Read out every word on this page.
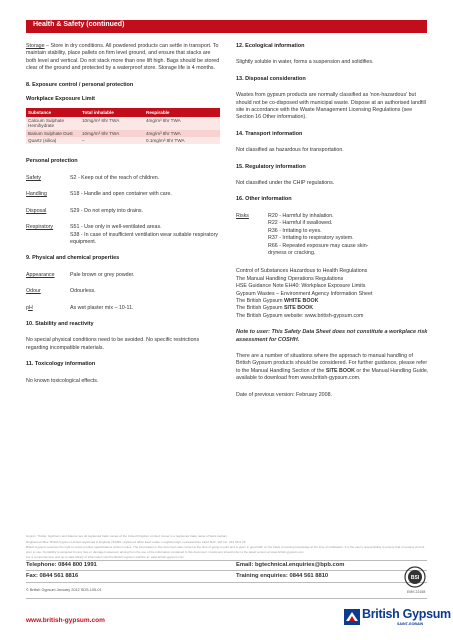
Health & Safety (continued)

Storage – Store in dry conditions. All powdered products can settle in transport. To maintain stability, place pallets on firm level ground, and ensure that stacks are both level and vertical. Do not stack more than one lift high. Bags should be stored clear of the ground and protected by a waterproof store. Storage life is 4 months.

8. Exposure control / personal protection

Workplace Exposure Limit

Substance	Total inhalable	Respirable
Calcium Sulphate Hemihydrate	10mg/m³ 8hr TWA	4mg/m³ 8hr TWA
Barium Sulphate Dust	10mg/m³ 8hr TWA	4mg/m³ 8hr TWA
Quartz (silica)	–	0.1mg/m³ 8hr TWA

Personal protection

Safety	S2 - Keep out of the reach of children.
Handling	S18 - Handle and open container with care.
Disposal	S29 - Do not empty into drains.
Respiratory	S51 - Use only in well-ventilated areas.
S38 - In case of insufficient ventilation wear suitable respiratory equipment.

9. Physical and chemical properties

Appearance	Pale brown or grey powder.
Odour	Odourless.
pH	As wet plaster mix – 10-11.

10. Stability and reactivity

No special physical conditions need to be avoided. No specific restrictions regarding incompatible materials.

11. Toxicology information

No known toxicological effects.

12. Ecological information

Slightly soluble in water, forms a suspension and solidifies.

13. Disposal consideration

Wastes from gypsum products are normally classified as 'non-hazardous' but should not be co-disposed with municipal waste. Dispose at an authorised landfill site in accordance with the Waste Management Licensing Regulations (see Section 16 Other information).

14. Transport information

Not classified as hazardous for transportation.

15. Regulatory information

Not classified under the CHIP regulations.

16. Other information

Risks	R20 - Harmful by inhalation.
R22 - Harmful if swallowed.
R36 - Irritating to eyes.
R37 - Irritating to respiratory system.
R66 - Repeated exposure may cause skin-
dryness or cracking.

Control of Substances Hazardous to Health Regulations

The Manual Handling Operations Regulations

HSE Guidance Note EH40: Workplace Exposure Limits

Gypsum Wastes – Environment Agency Information Sheet

The British Gypsum WHITE BOOK

The British Gypsum SITE BOOK

The British Gypsum website: www.british-gypsum.com

Note to user: This Safety Data Sheet does not constitute a workplace risk assessment for COSHH.

There are a number of situations where the approach to manual handling of British Gypsum products should be considered. For further guidance, please refer to the Manual Handling Section of the SITE BOOK or the Manual Handling Guide, available to download from www.british-gypsum.com.

Date of previous version: February 2008.

Gyproc, Thistle, Gyptherm and Glasroc are all registered trade names of the United Kingdom Limited. Isover is a registered trade name of Saint-Gobain.

Registered office: British Gypsum Limited registered in England 734396, registered office East Leake, Loughborough, Leicestershire LE12 6HX. VAT No. 243 3311 29.

British Gypsum reserves the right to revise product specifications without notice. The information in this document was correct at the time of going to print and is given in good faith on the basis of existing knowledge at the time of publication. It is the user's responsibility to ensure that it remains current prior to use. No liability is accepted for any loss or damage howsoever arising from the use of the information contained in this document. Customers should refer to the latest version at www.british-gypsum.com.

For a comprehensive and up-to-date library of information visit the British Gypsum website at: www.british-gypsum.com

Telephone: 0844 800 1991	Email: bgtechnical.enquiries@bpb.com
Fax: 0844 561 8816	Training enquiries: 0844 561 8810
© British Gypsum January 2012 SDS-105-01
BSI
EMS 22158
www.british-gypsum.com	British Gypsum
SAINT-GOBAIN
